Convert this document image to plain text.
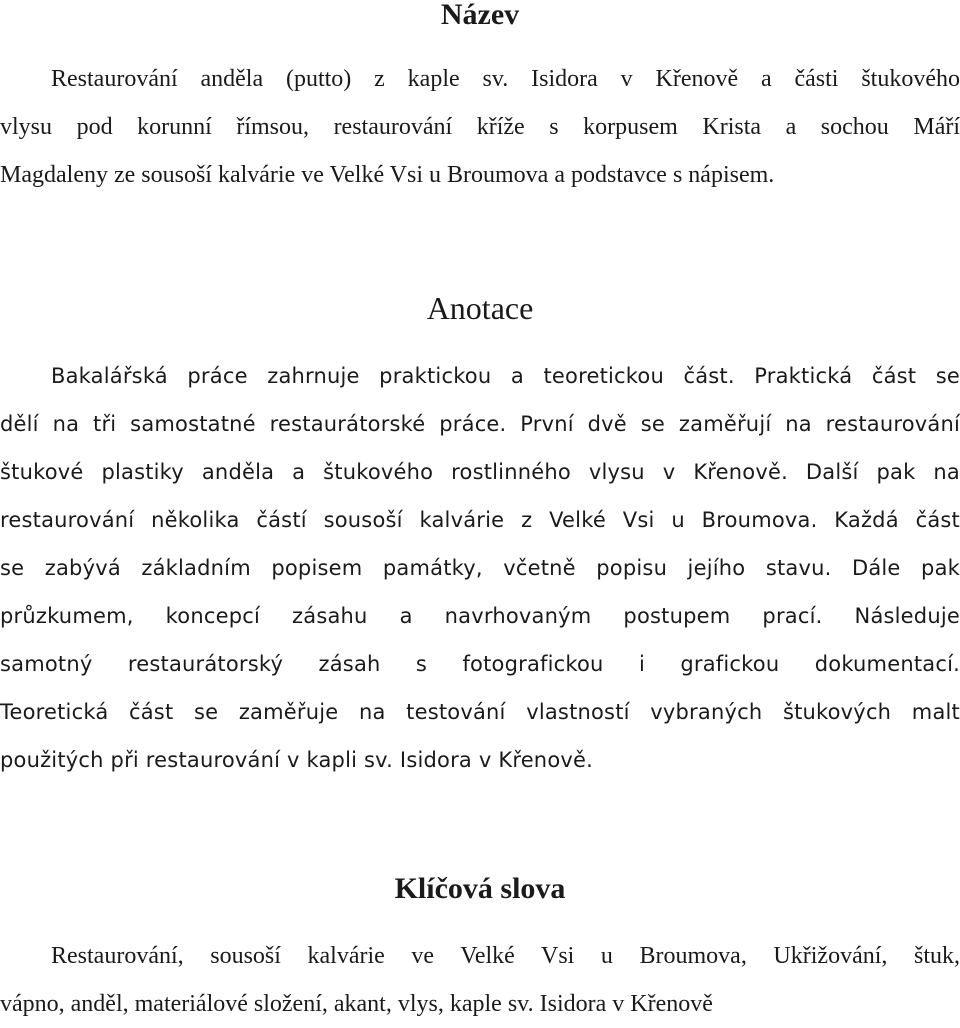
Název
Restaurování anděla (putto) z kaple sv. Isidora v Křenově a části štukového
vlysu pod korunní římsou, restaurování kříže s korpusem Krista a sochou Máří
Magdaleny ze sousoší kalvárie ve Velké Vsi u Broumova a podstavce s nápisem.
Anotace
Bakalářská práce zahrnuje praktickou a teoretickou část. Praktická část se
dělí na tři samostatné restaurátorské práce. První dvě se zaměřují na restaurování
štukové plastiky anděla a štukového rostlinného vlysu v Křenově. Další pak na
restaurování několika částí sousoší kalvárie z Velké Vsi u Broumova. Každá část
se zabývá základním popisem památky, včetně popisu jejího stavu. Dále pak
průzkumem, koncepcí zásahu a navrhovaným postupem prací. Následuje
samotný restaurátorský zásah s fotografickou i grafickou dokumentací.
Teoretická část se zaměřuje na testování vlastností vybraných štukových malt
použitých při restaurování v kapli sv. Isidora v Křenově.
Klíčová slova
Restaurování, sousoší kalvárie ve Velké Vsi u Broumova, Ukřižování, štuk,
vápno, anděl, materiálové složení, akant, vlys, kaple sv. Isidora v Křenově
